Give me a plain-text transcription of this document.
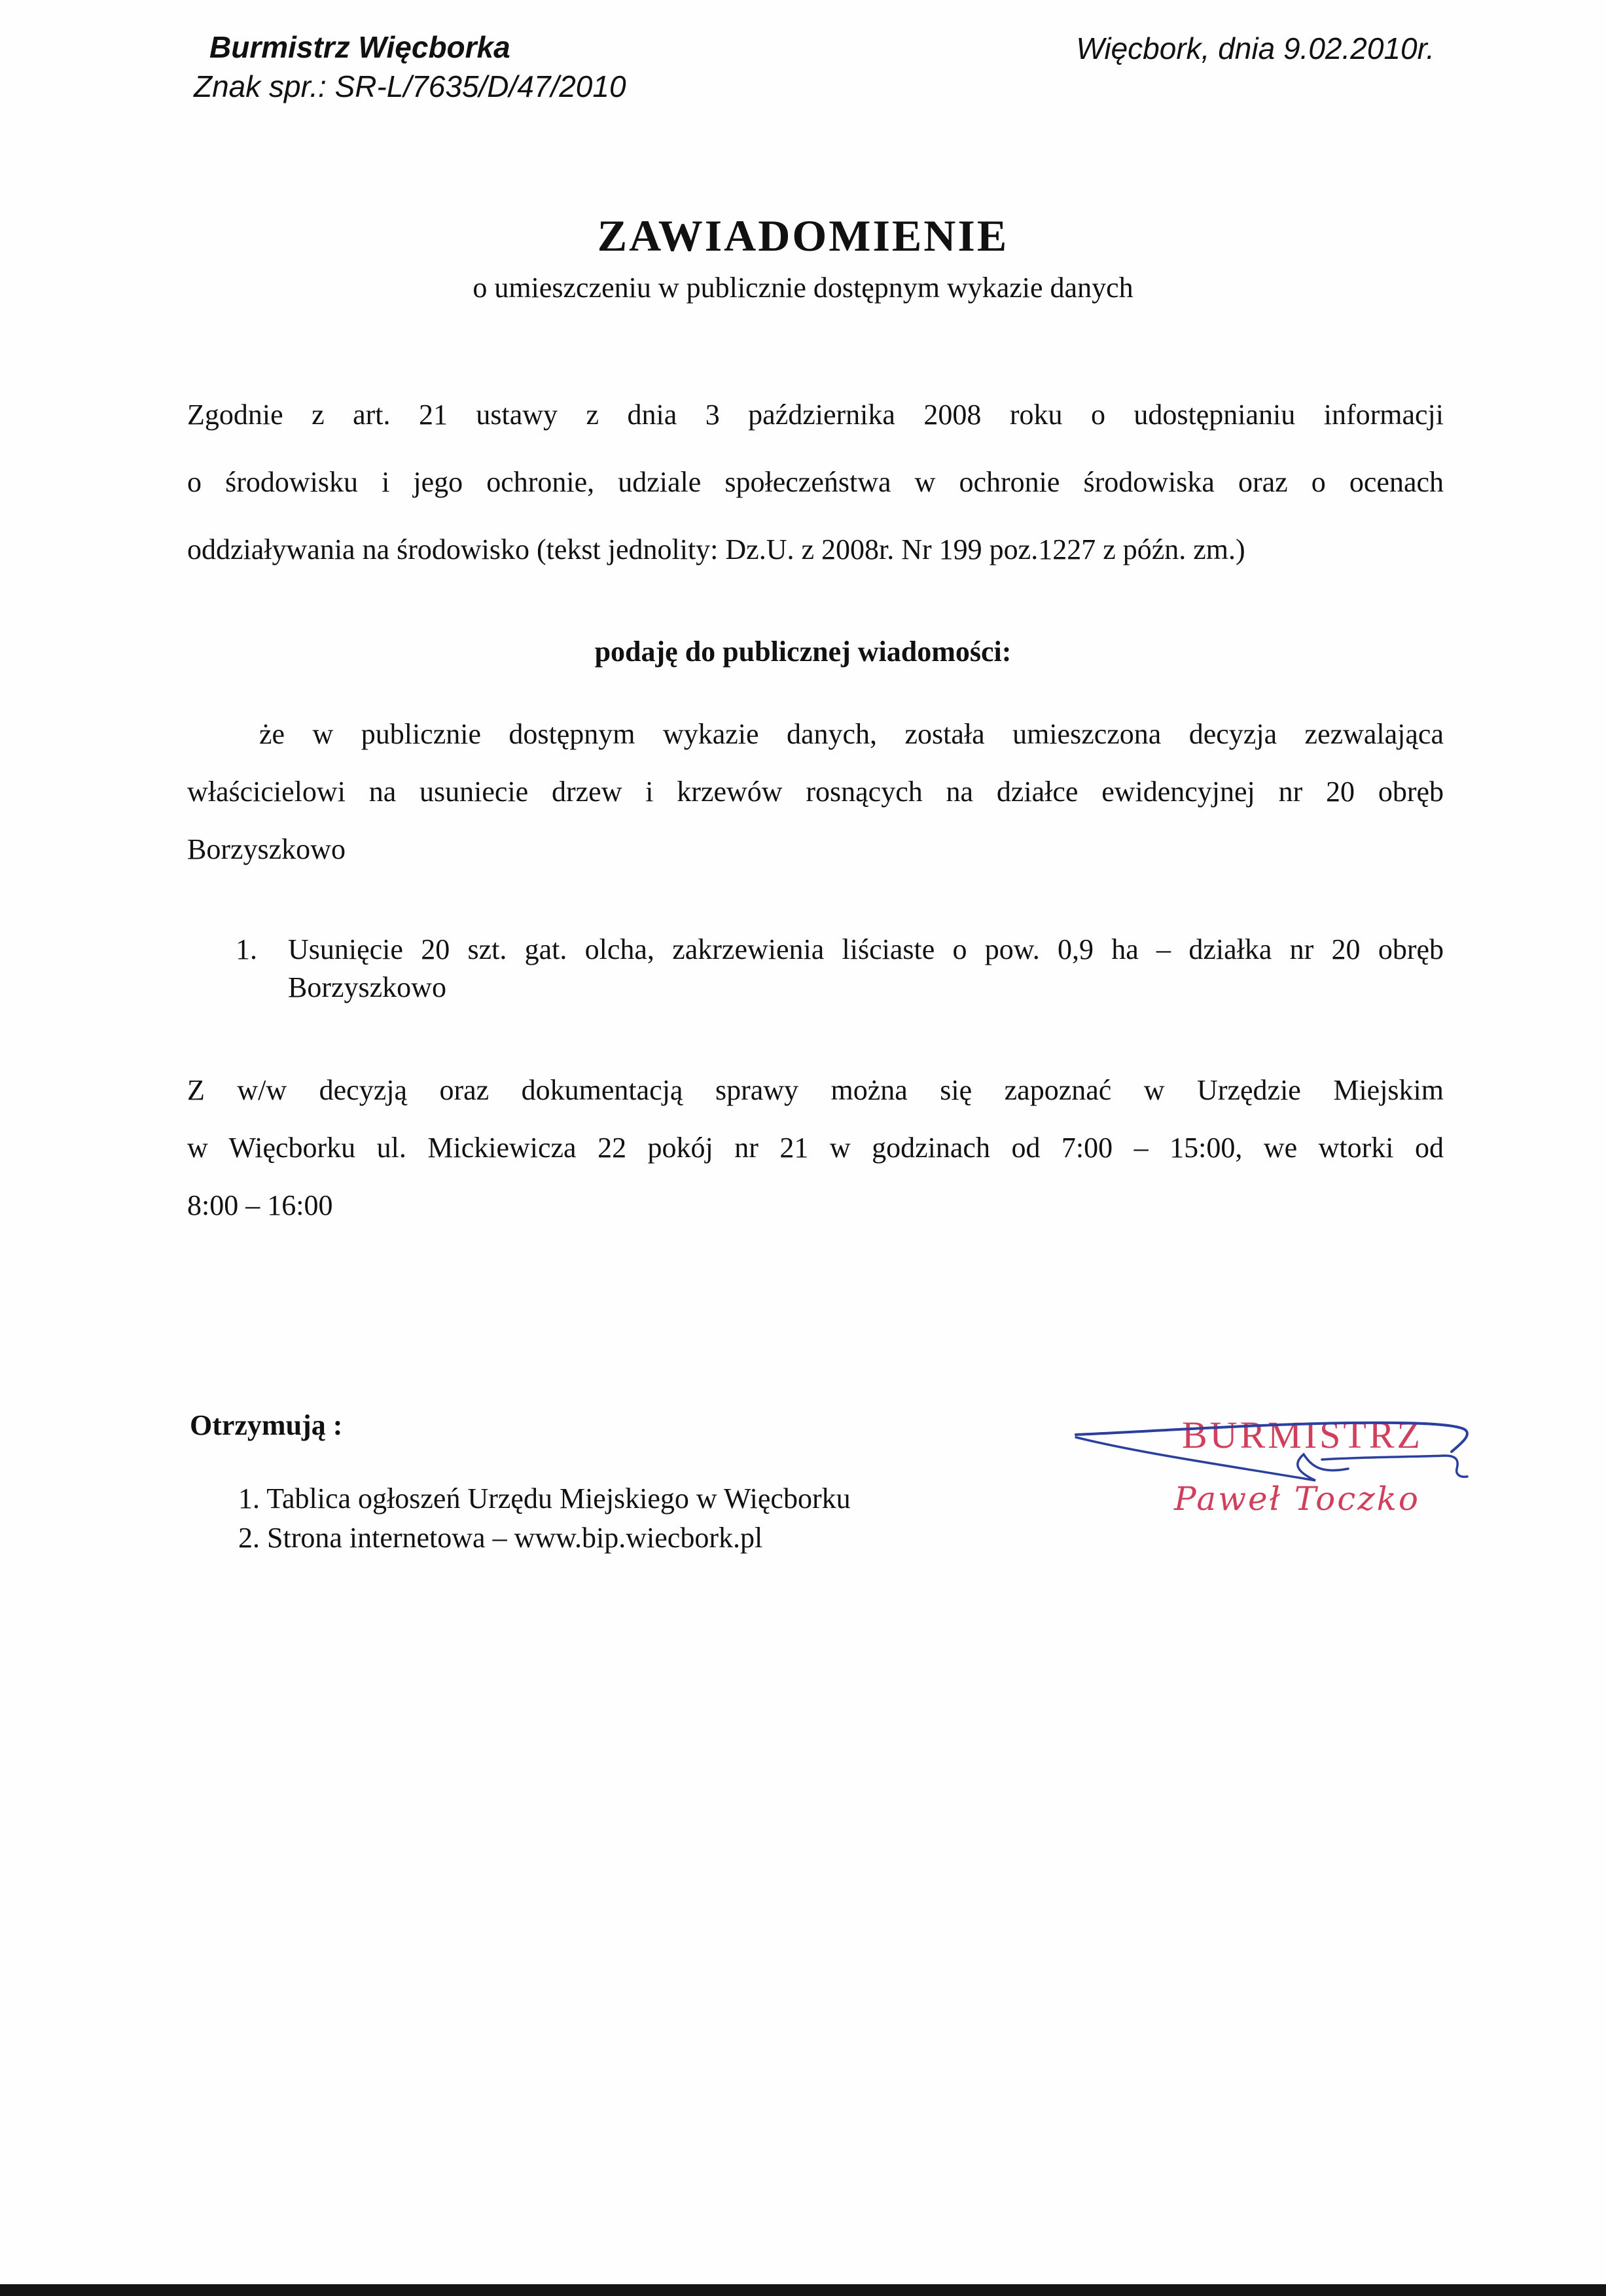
Burmistrz Więcborka

Znak spr.: SR-L/7635/D/47/2010

Więcbork, dnia 9.02.2010r.

ZAWIADOMIENIE

o umieszczeniu w publicznie dostępnym wykazie danych

Zgodnie z art. 21 ustawy z dnia 3 października 2008 roku o udostępnianiu informacji
o środowisku i jego ochronie, udziale społeczeństwa w ochronie środowiska oraz o ocenach
oddziaływania na środowisko (tekst jednolity: Dz.U. z 2008r. Nr 199 poz.1227 z późn. zm.)

podaję do publicznej wiadomości:

że w publicznie dostępnym wykazie danych, została umieszczona decyzja zezwalająca
właścicielowi na usuniecie drzew i krzewów rosnących na działce ewidencyjnej nr 20 obręb
Borzyszkowo
1. Usunięcie 20 szt. gat. olcha, zakrzewienia liściaste o pow. 0,9 ha – działka nr 20 obręb
Borzyszkowo
Z w/w decyzją oraz dokumentacją sprawy można się zapoznać w Urzędzie Miejskim
w Więcborku ul. Mickiewicza 22 pokój nr 21 w godzinach od 7:00 – 15:00, we wtorki od
8:00 – 16:00

Otrzymują :

1. Tablica ogłoszeń Urzędu Miejskiego w Więcborku

2. Strona internetowa – www.bip.wiecbork.pl

BURMISTRZ
Paweł Toczko
